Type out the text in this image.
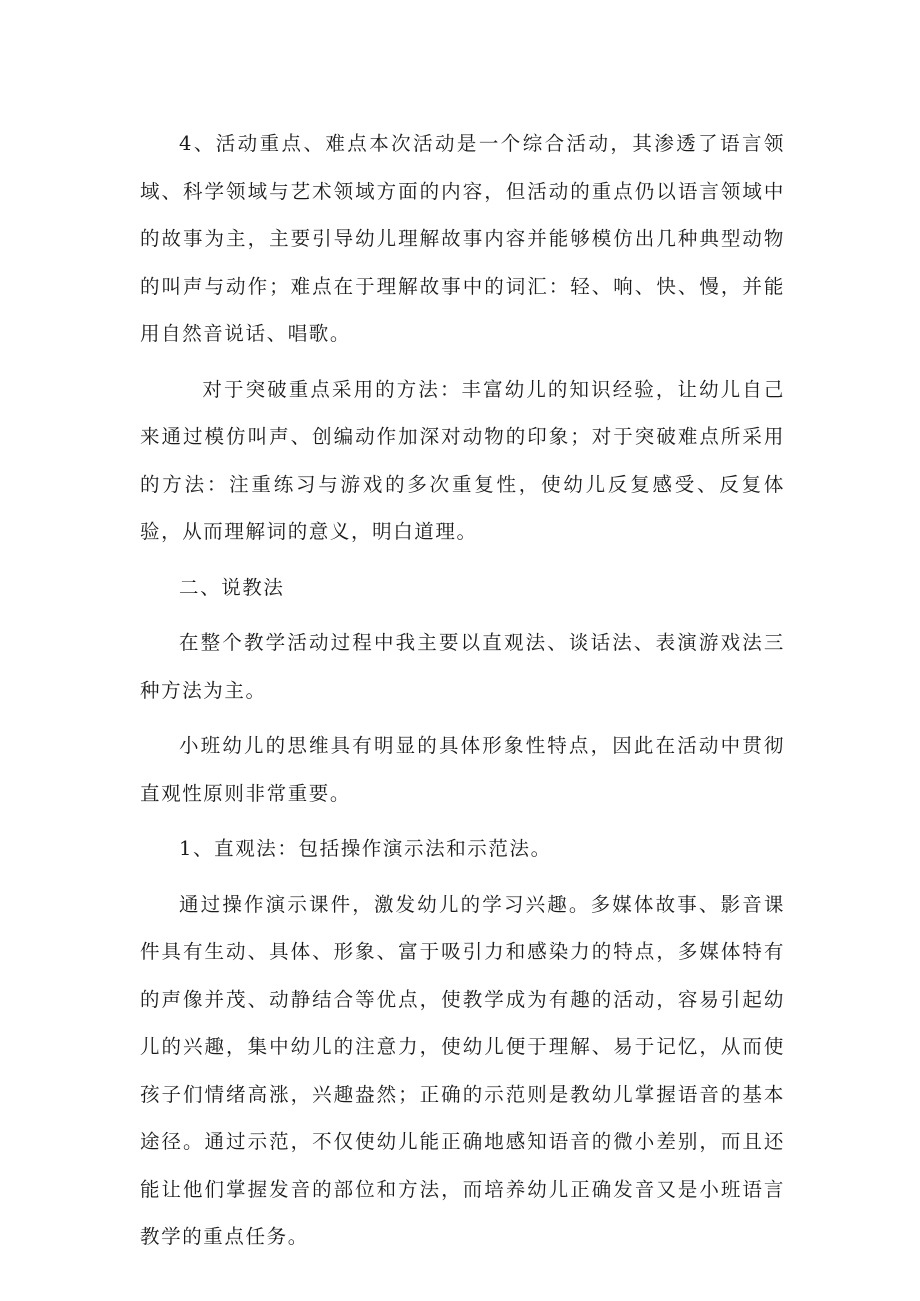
4、活动重点、难点本次活动是一个综合活动，其渗透了语言领域、科学领域与艺术领域方面的内容，但活动的重点仍以语言领域中的故事为主，主要引导幼儿理解故事内容并能够模仿出几种典型动物的叫声与动作；难点在于理解故事中的词汇：轻、响、快、慢，并能用自然音说话、唱歌。

对于突破重点采用的方法：丰富幼儿的知识经验，让幼儿自己来通过模仿叫声、创编动作加深对动物的印象；对于突破难点所采用的方法：注重练习与游戏的多次重复性，使幼儿反复感受、反复体验，从而理解词的意义，明白道理。

二、说教法

在整个教学活动过程中我主要以直观法、谈话法、表演游戏法三种方法为主。

小班幼儿的思维具有明显的具体形象性特点，因此在活动中贯彻直观性原则非常重要。

1、直观法：包括操作演示法和示范法。

通过操作演示课件，激发幼儿的学习兴趣。多媒体故事、影音课件具有生动、具体、形象、富于吸引力和感染力的特点，多媒体特有的声像并茂、动静结合等优点，使教学成为有趣的活动，容易引起幼儿的兴趣，集中幼儿的注意力，使幼儿便于理解、易于记忆，从而使孩子们情绪高涨，兴趣盎然；正确的示范则是教幼儿掌握语音的基本途径。通过示范，不仅使幼儿能正确地感知语音的微小差别，而且还能让他们掌握发音的部位和方法，而培养幼儿正确发音又是小班语言教学的重点任务。
